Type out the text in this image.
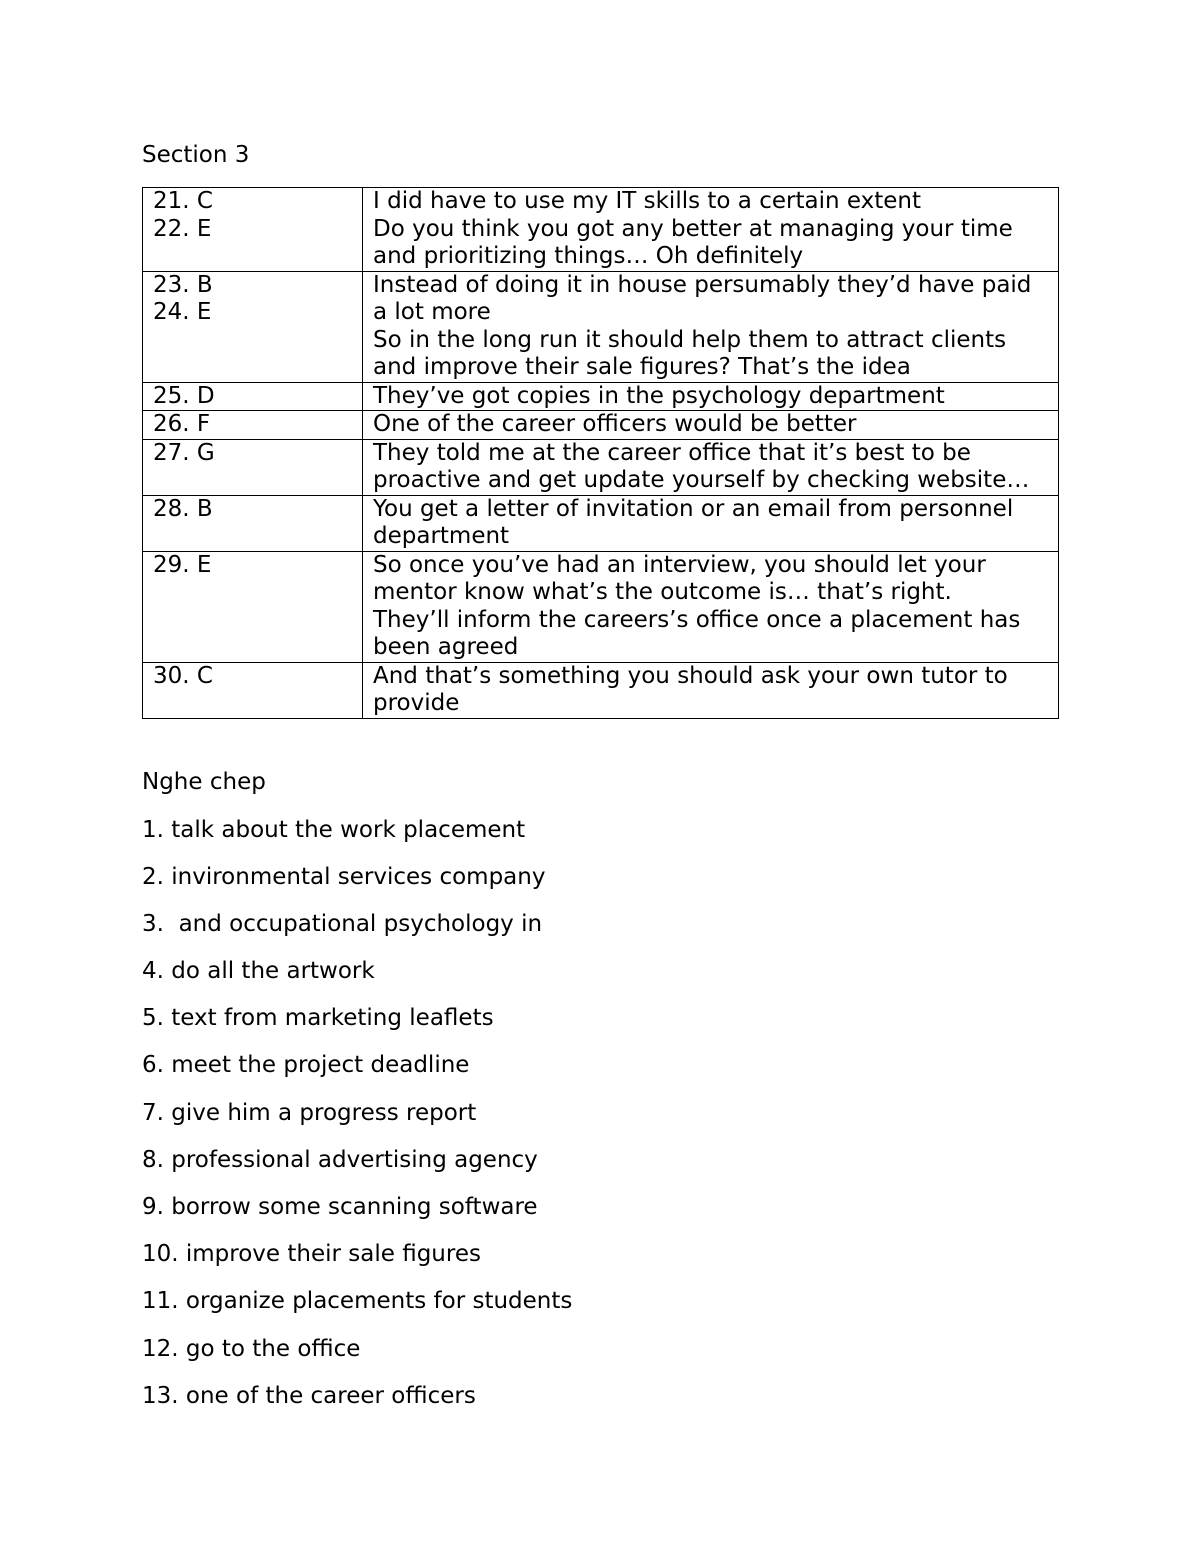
Section 3

21. C
22. E	I did have to use my IT skills to a certain extent
Do you think you got any better at managing your time
and prioritizing things… Oh definitely

23. B
24. E	Instead of doing it in house persumably they’d have paid
a lot more
So in the long run it should help them to attract clients
and improve their sale figures? That’s the idea

25. D	They’ve got copies in the psychology department

26. F	One of the career officers would be better

27. G	They told me at the career office that it’s best to be
proactive and get update yourself by checking website…

28. B	You get a letter of invitation or an email from personnel
department

29. E	So once you’ve had an interview, you should let your
mentor know what’s the outcome is… that’s right.
They’ll inform the careers’s office once a placement has
been agreed

30. C	And that’s something you should ask your own tutor to
provide
Nghe chep
1. talk about the work placement
2. invironmental services company
3.  and occupational psychology in
4. do all the artwork
5. text from marketing leaflets
6. meet the project deadline
7. give him a progress report
8. professional advertising agency
9. borrow some scanning software
10. improve their sale figures
11. organize placements for students
12. go to the office
13. one of the career officers
